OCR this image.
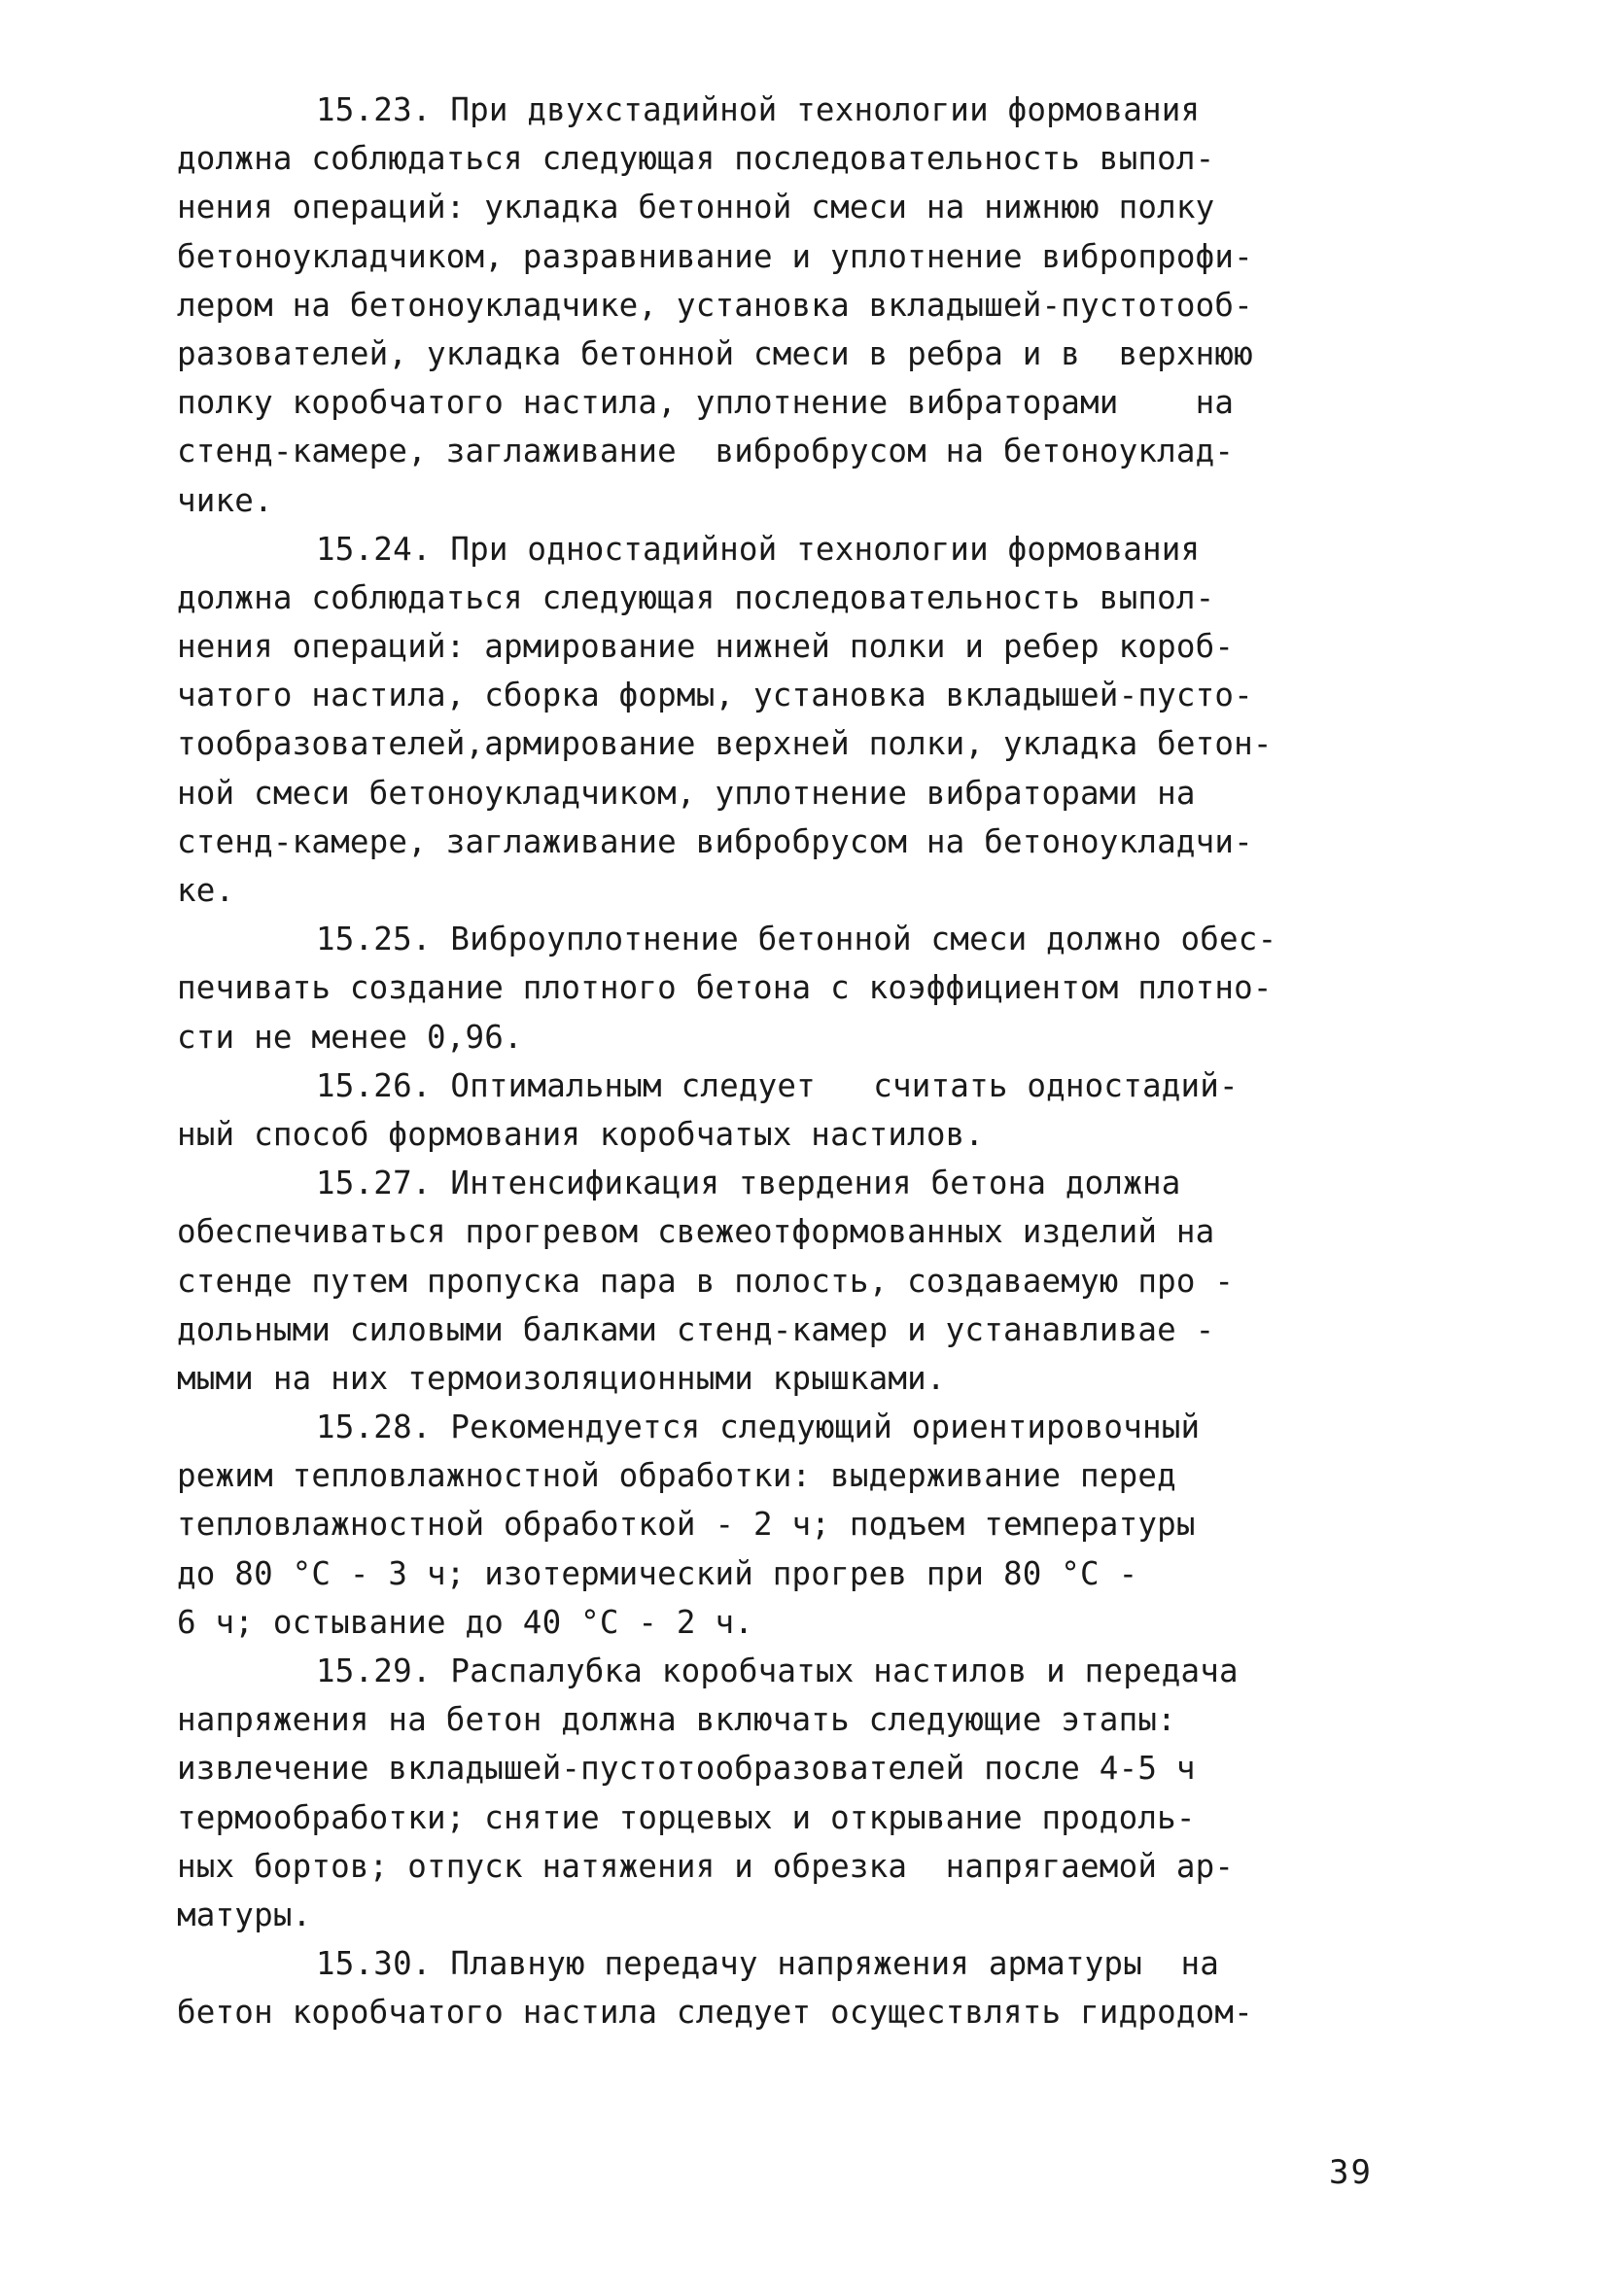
15.23. При двухстадийной технологии формования
должна соблюдаться следующая последовательность выпол-
нения операций: укладка бетонной смеси на нижнюю полку
бетоноукладчиком, разравнивание и уплотнение вибропрофи-
лером на бетоноукладчике, установка вкладышей-пустотооб-
разователей, укладка бетонной смеси в ребра и в  верхнюю
полку коробчатого настила, уплотнение вибраторами    на
стенд-камере, заглаживание  вибробрусом на бетоноуклад-
чике.
15.24. При одностадийной технологии формования
должна соблюдаться следующая последовательность выпол-
нения операций: армирование нижней полки и ребер короб-
чатого настила, сборка формы, установка вкладышей-пусто-
тообразователей,армирование верхней полки, укладка бетон-
ной смеси бетоноукладчиком, уплотнение вибраторами на
стенд-камере, заглаживание вибробрусом на бетоноукладчи-
ке.
15.25. Виброуплотнение бетонной смеси должно обес-
печивать создание плотного бетона с коэффициентом плотно-
сти не менее 0,96.
15.26. Оптимальным следует   считать одностадий-
ный способ формования коробчатых настилов.
15.27. Интенсификация твердения бетона должна
обеспечиваться прогревом свежеотформованных изделий на
стенде путем пропуска пара в полость, создаваемую про -
дольными силовыми балками стенд-камер и устанавливае -
мыми на них термоизоляционными крышками.
15.28. Рекомендуется следующий ориентировочный
режим тепловлажностной обработки: выдерживание перед
тепловлажностной обработкой - 2 ч; подъем температуры
до 80 °С - 3 ч; изотермический прогрев при 80 °С -
6 ч; остывание до 40 °С - 2 ч.
15.29. Распалубка коробчатых настилов и передача
напряжения на бетон должна включать следующие этапы:
извлечение вкладышей-пустотообразователей после 4-5 ч
термообработки; снятие торцевых и открывание продоль-
ных бортов; отпуск натяжения и обрезка  напрягаемой ар-
матуры.
15.30. Плавную передачу напряжения арматуры  на
бетон коробчатого настила следует осуществлять гидродом-
39
